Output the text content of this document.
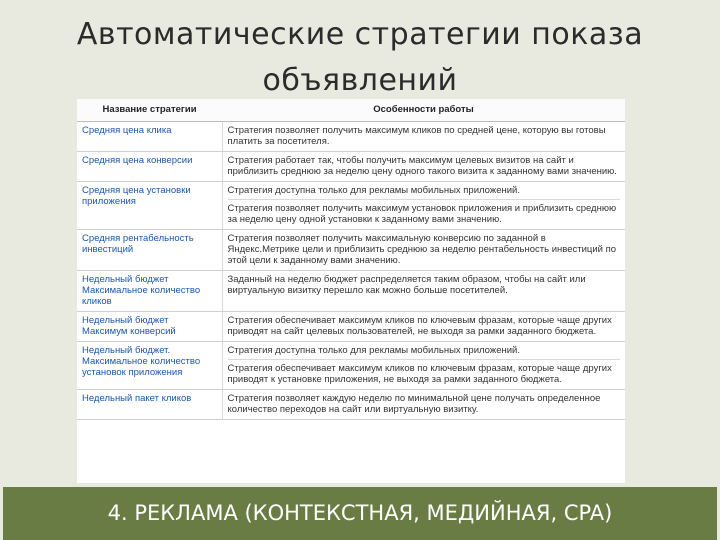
Автоматические стратегии показа объявлений
Название стратегии	Особенности работы
Средняя цена клика	Стратегия позволяет получить максимум кликов по средней цене, которую вы готовы платить за посетителя.

Средняя цена конверсии	Стратегия работает так, чтобы получить максимум целевых визитов на сайт и приблизить среднюю за неделю цену одного такого визита к заданному вами значению.

Средняя цена установки приложения	Стратегия доступна только для рекламы мобильных приложений.
Стратегия позволяет получить максимум установок приложения и приблизить среднюю за неделю цену одной установки к заданному вами значению.

Средняя рентабельность инвестиций	Стратегия позволяет получить максимальную конверсию по заданной в Яндекс.Метрике цели и приблизить среднюю за неделю рентабельность инвестиций по этой цели к заданному вами значению.

Недельный бюджет Максимальное количество кликов	Заданный на неделю бюджет распределяется таким образом, чтобы на сайт или виртуальную визитку перешло как можно больше посетителей.

Недельный бюджет Максимум конверсий	Стратегия обеспечивает максимум кликов по ключевым фразам, которые чаще других приводят на сайт целевых пользователей, не выходя за рамки заданного бюджета.

Недельный бюджет. Максимальное количество установок приложения	Стратегия доступна только для рекламы мобильных приложений.
Стратегия обеспечивает максимум кликов по ключевым фразам, которые чаще других приводят к установке приложения, не выходя за рамки заданного бюджета.

Недельный пакет кликов	Стратегия позволяет каждую неделю по минимальной цене получать определенное количество переходов на сайт или виртуальную визитку.
4. РЕКЛАМА (КОНТЕКСТНАЯ, МЕДИЙНАЯ, CPA)
